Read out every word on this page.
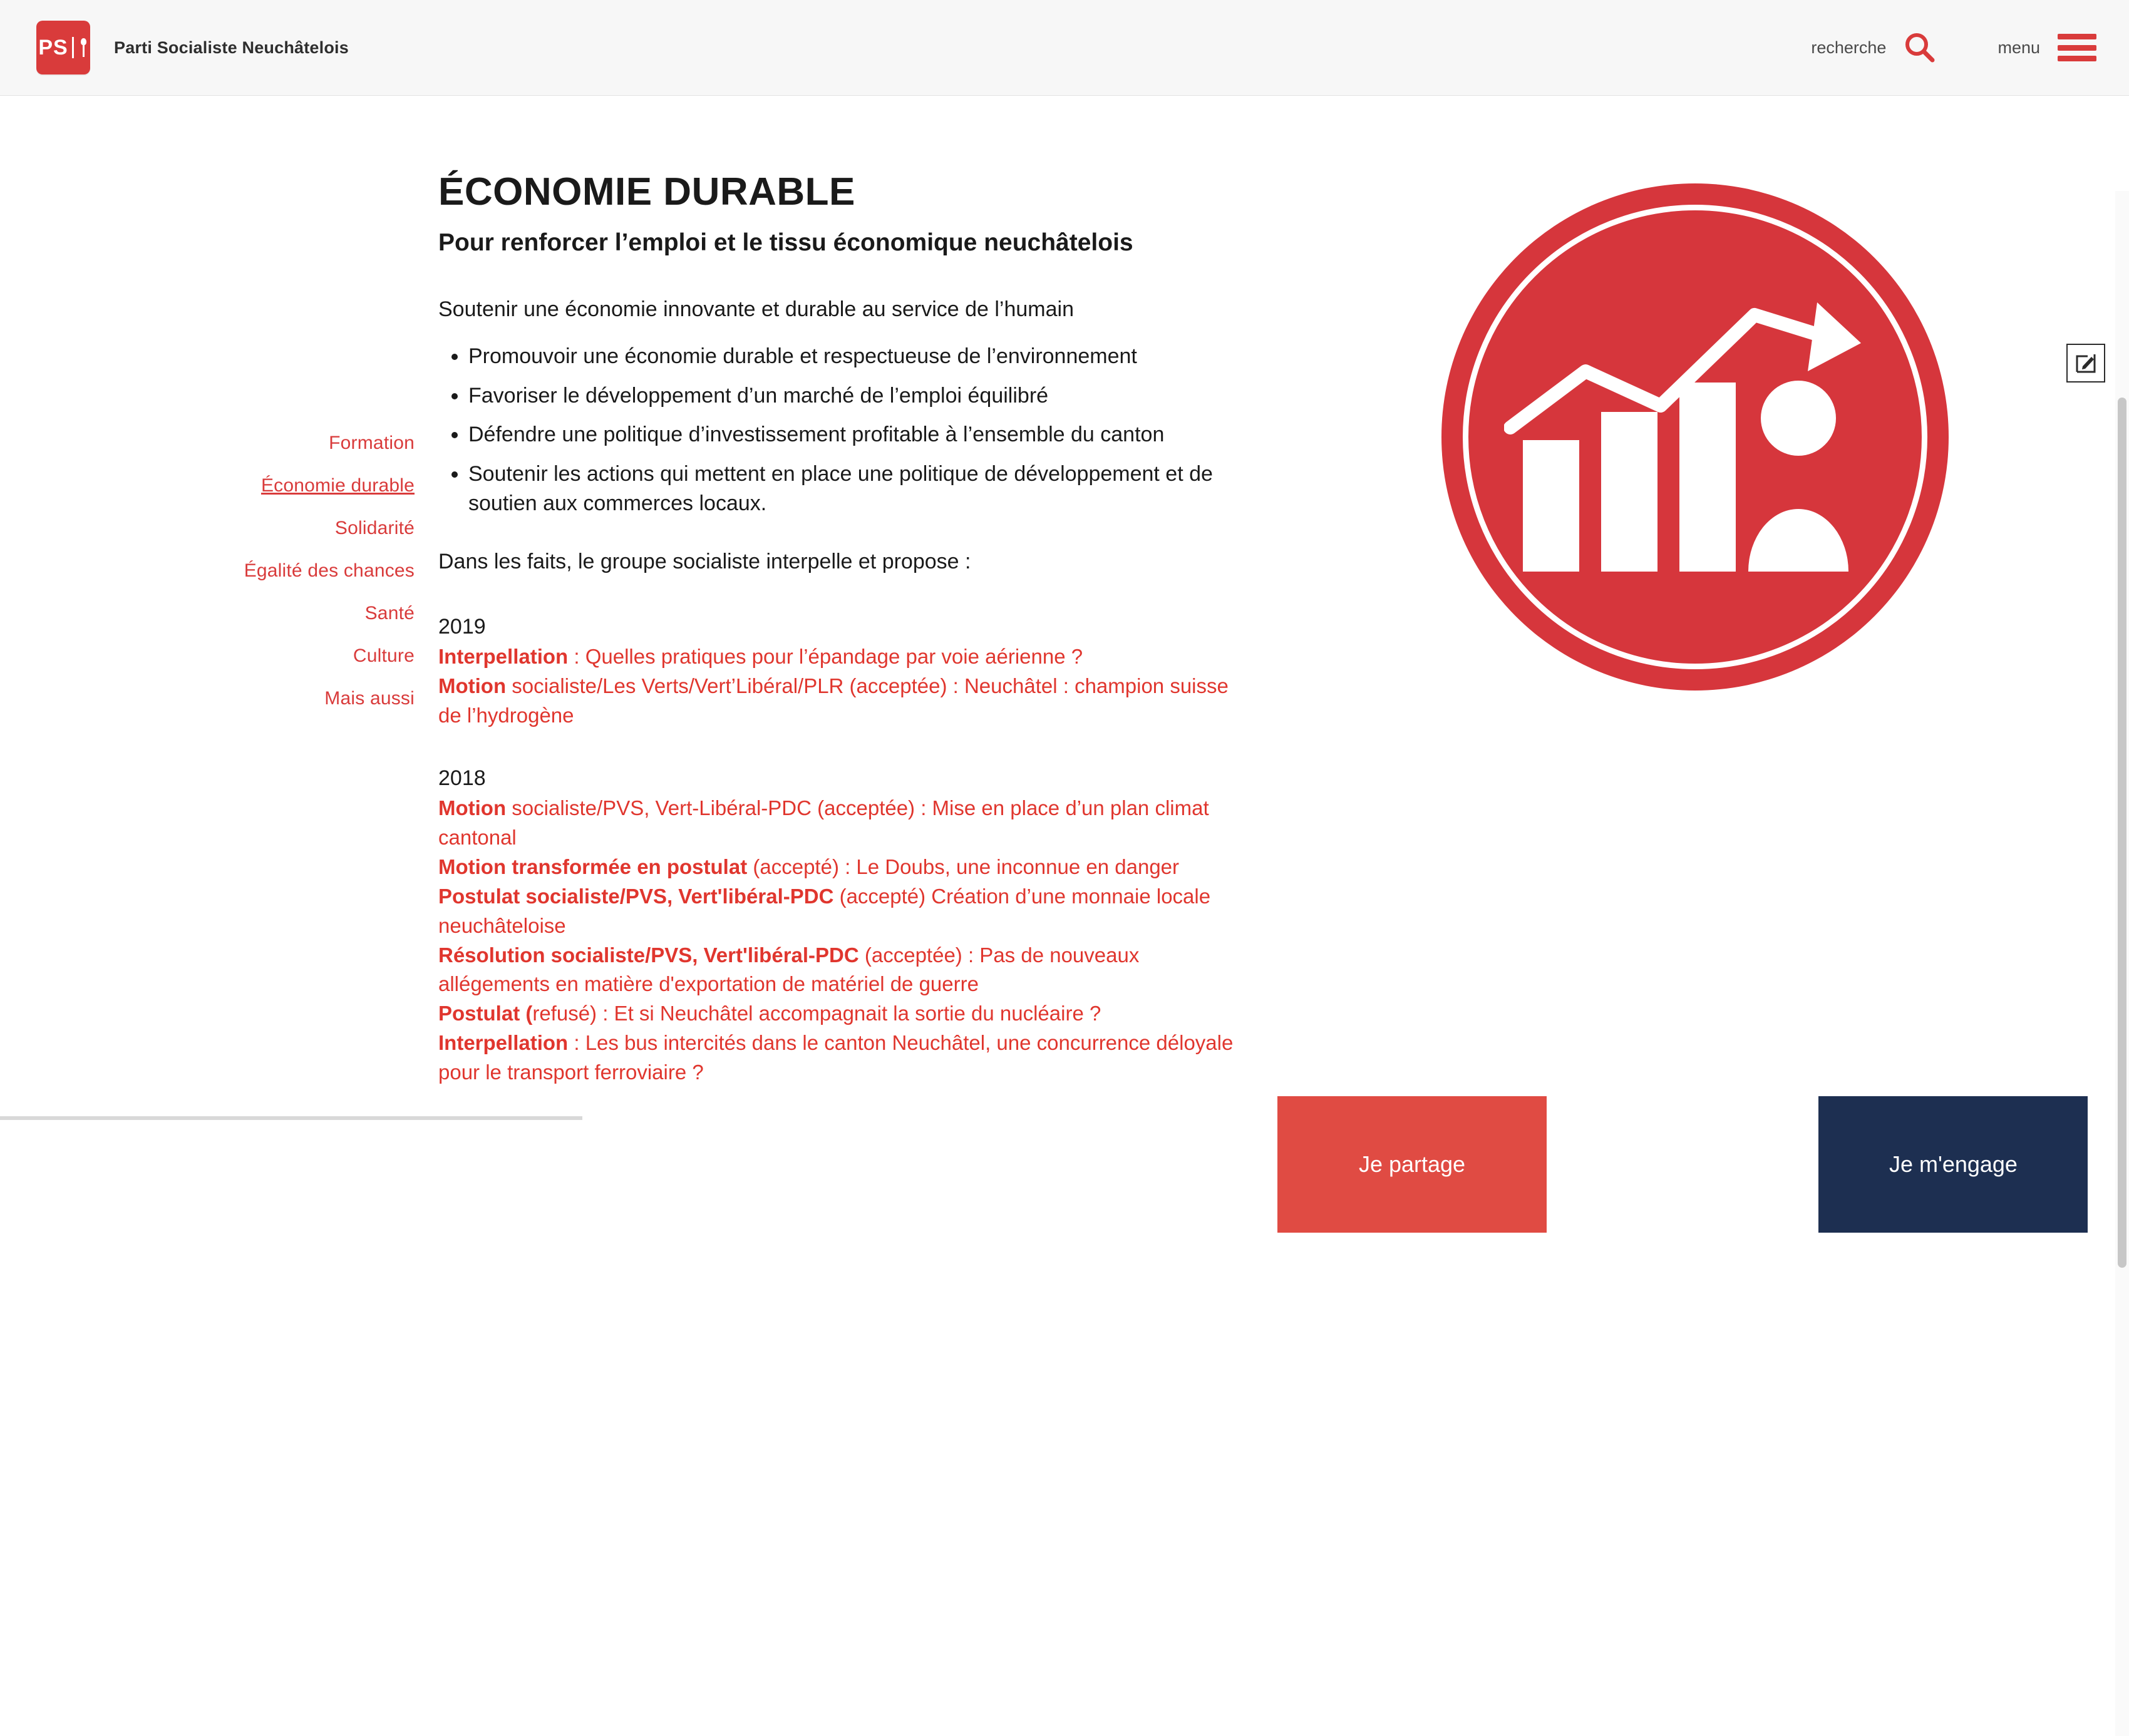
PS	Parti Socialiste Neuchâtelois	recherche	menu
Formation
Économie durable
Solidarité
Égalité des chances
Santé
Culture
Mais aussi
ÉCONOMIE DURABLE
Pour renforcer l’emploi et le tissu économique neuchâtelois

Soutenir une économie innovante et durable au service de l’humain

• Promouvoir une économie durable et respectueuse de l’environnement
• Favoriser le développement d’un marché de l’emploi équilibré
• Défendre une politique d’investissement profitable à l’ensemble du canton
• Soutenir les actions qui mettent en place une politique de développement et de soutien aux commerces locaux.

Dans les faits, le groupe socialiste interpelle et propose :

2019
Interpellation : Quelles pratiques pour l’épandage par voie aérienne ?
Motion socialiste/Les Verts/Vert’Libéral/PLR (acceptée) : Neuchâtel : champion suisse de l’hydrogène
2018
Motion socialiste/PVS, Vert-Libéral-PDC (acceptée) : Mise en place d’un plan climat cantonal
Motion transformée en postulat (accepté) : Le Doubs, une inconnue en danger
Postulat socialiste/PVS, Vert'libéral-PDC (accepté) Création d’une monnaie locale neuchâteloise
Résolution socialiste/PVS, Vert'libéral-PDC (acceptée) : Pas de nouveaux allégements en matière d'exportation de matériel de guerre
Postulat (refusé) : Et si Neuchâtel accompagnait la sortie du nucléaire ?
Interpellation : Les bus intercités dans le canton Neuchâtel, une concurrence déloyale pour le transport ferroviaire ?
Je partage	Je m'engage
